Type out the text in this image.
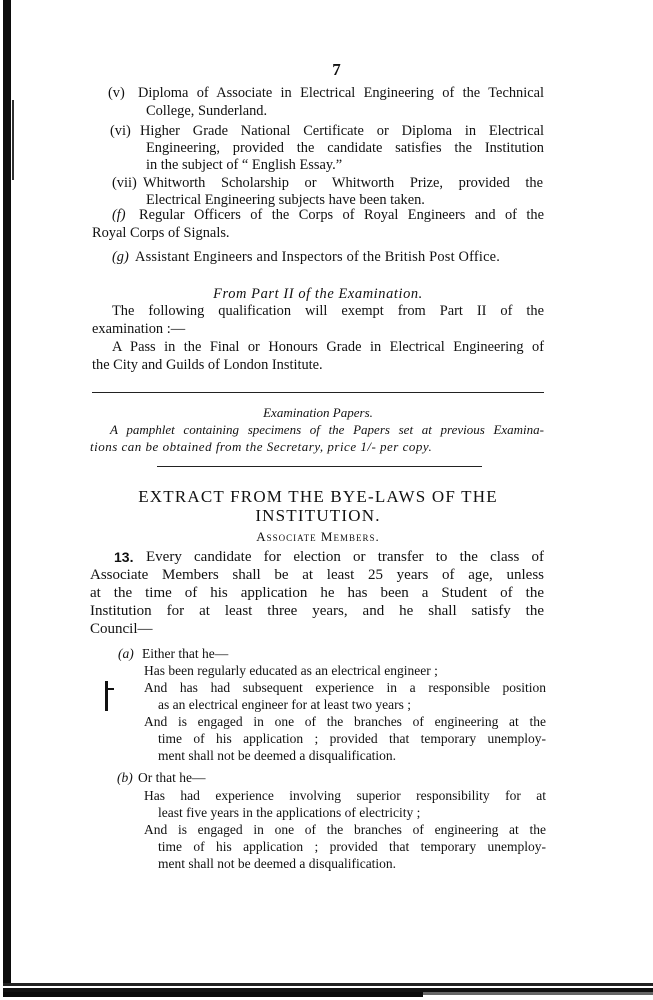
7
(v) Diploma of Associate in Electrical Engineering of the Technical
College, Sunderland.
(vi) Higher Grade National Certificate or Diploma in Electrical
Engineering, provided the candidate satisfies the Institution
in the subject of “ English Essay.”
(vii) Whitworth Scholarship or Whitworth Prize, provided the
Electrical Engineering subjects have been taken.
(f) Regular Officers of the Corps of Royal Engineers and of the
Royal Corps of Signals.
(g) Assistant Engineers and Inspectors of the British Post Office.
From Part II of the Examination.
The following qualification will exempt from Part II of the
examination :—
A Pass in the Final or Honours Grade in Electrical Engineering of
the City and Guilds of London Institute.
Examination Papers.
A pamphlet containing specimens of the Papers set at previous Examina-
tions can be obtained from the Secretary, price 1/- per copy.
EXTRACT FROM THE BYE-LAWS OF THE
INSTITUTION.
Associate Members.
13. Every candidate for election or transfer to the class of
Associate Members shall be at least 25 years of age, unless
at the time of his application he has been a Student of the
Institution for at least three years, and he shall satisfy the
Council—
(a) Either that he—
Has been regularly educated as an electrical engineer ;
And has had subsequent experience in a responsible position
as an electrical engineer for at least two years ;
And is engaged in one of the branches of engineering at the
time of his application ; provided that temporary unemploy-
ment shall not be deemed a disqualification.
(b) Or that he—
Has had experience involving superior responsibility for at
least five years in the applications of electricity ;
And is engaged in one of the branches of engineering at the
time of his application ; provided that temporary unemploy-
ment shall not be deemed a disqualification.
